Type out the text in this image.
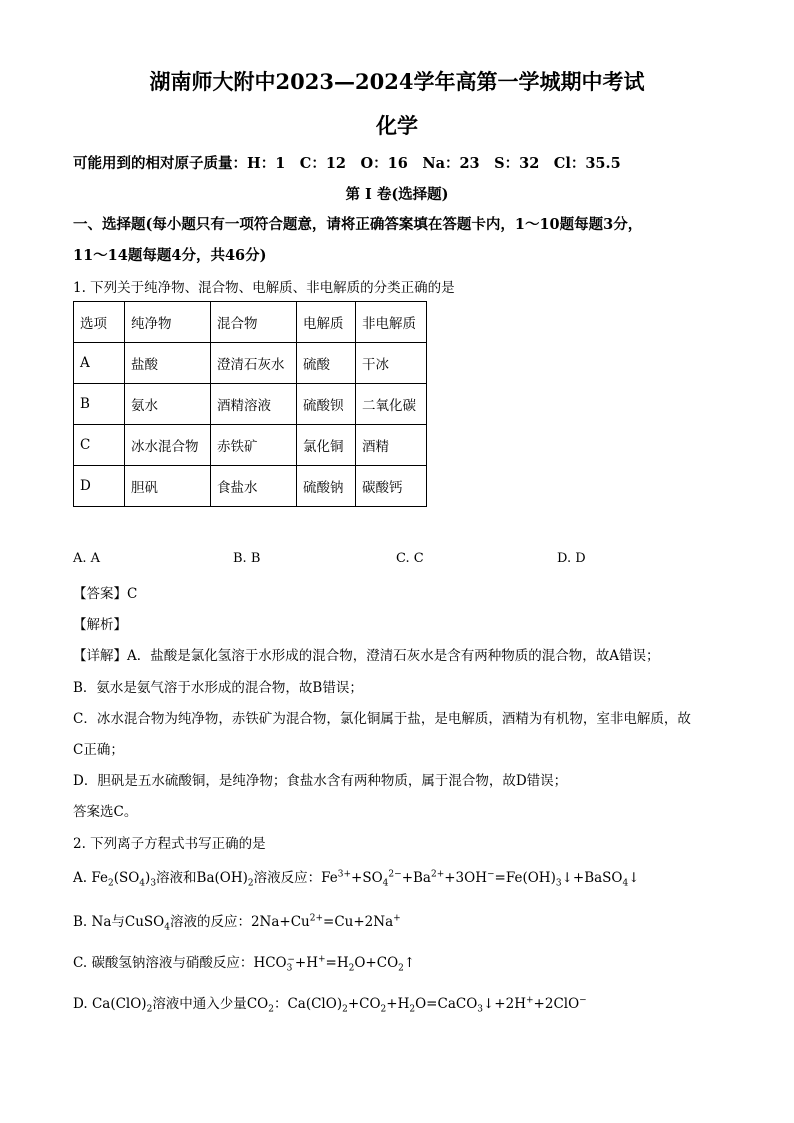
湖南师大附中2023—2024学年高第一学城期中考试
化学
可能用到的相对原子质量：H：1　C：12　O：16　Na：23　S：32　Cl：35.5
第 I 卷(选择题)
一、选择题(每小题只有一项符合题意，请将正确答案填在答题卡内，1～10题每题3分，
11～14题每题4分，共46分)
1. 下列关于纯净物、混合物、电解质、非电解质的分类正确的是
选项	纯净物	混合物	电解质	非电解质
A	盐酸	澄清石灰水	硫酸	干冰
B	氨水	酒精溶液	硫酸钡	二氧化碳
C	冰水混合物	赤铁矿	氯化铜	酒精
D	胆矾	食盐水	硫酸钠	碳酸钙
A. A	B. B	C. C	D. D
【答案】C
【解析】
【详解】A．盐酸是氯化氢溶于水形成的混合物，澄清石灰水是含有两种物质的混合物，故A错误；
B．氨水是氨气溶于水形成的混合物，故B错误；
C．冰水混合物为纯净物，赤铁矿为混合物，氯化铜属于盐，是电解质，酒精为有机物，室非电解质，故
C正确；
D．胆矾是五水硫酸铜，是纯净物；食盐水含有两种物质，属于混合物，故D错误；
答案选C。
2. 下列离子方程式书写正确的是
A. $Fe_2(SO_4)_3$溶液和$Ba(OH)_2$溶液反应：$Fe^{3+}+SO_4^{2-}+Ba^{2+}+3OH^-=Fe(OH)_3↓+BaSO_4↓$
B. Na与CuSO$_4$溶液的反应：$2Na+Cu^{2+}=Cu+2Na^+$
C. 碳酸氢钠溶液与硝酸反应：$HCO_3^-+H^+=H_2O+CO_2↑$
D. $Ca(ClO)_2$溶液中通入少量$CO_2$：$Ca(ClO)_2+CO_2+H_2O=CaCO_3↓+2H^++2ClO^-$
